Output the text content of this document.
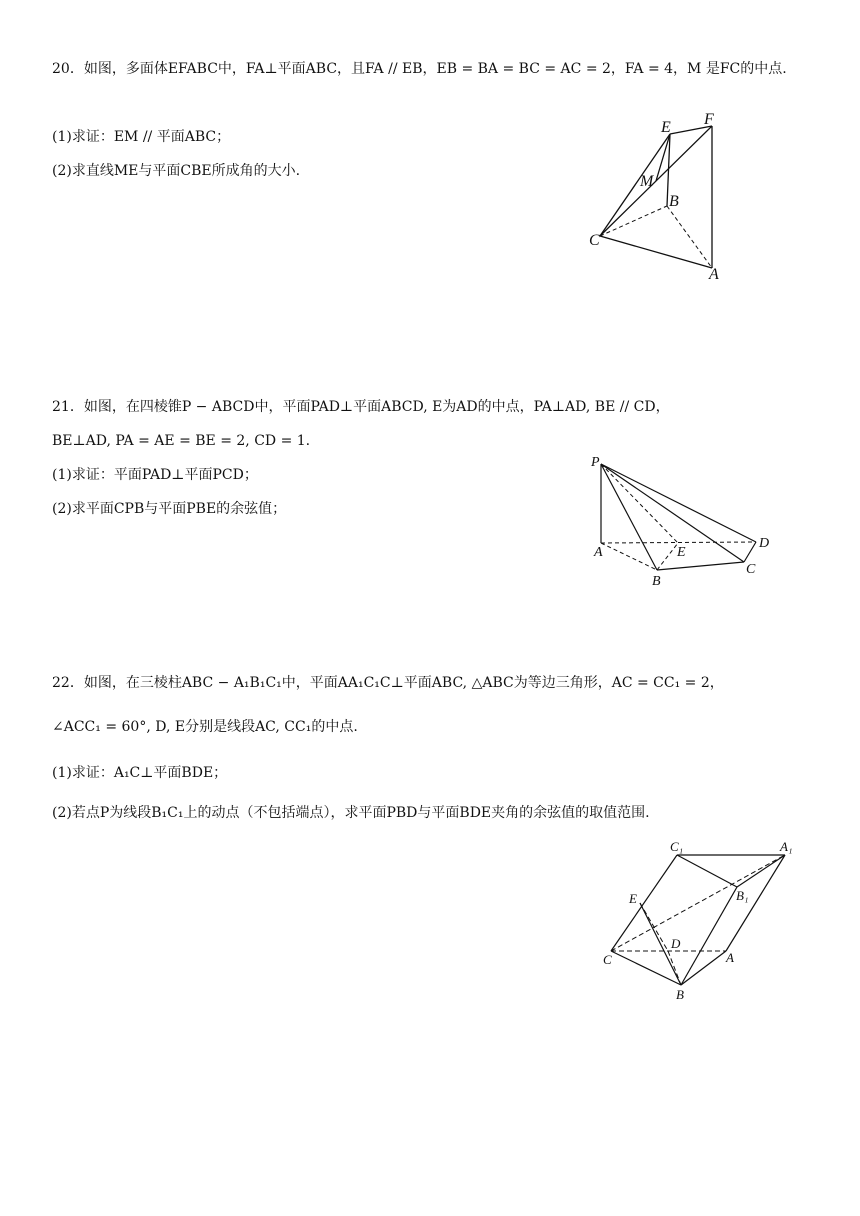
20．如图，多面体EFABC中，FA⊥平面ABC，且FA // EB，EB = BA = BC = AC = 2，FA = 4，M 是FC的中点.
(1)求证：EM // 平面ABC；
(2)求直线ME与平面CBE所成角的大小.
E F
M
B
C
A
21．如图，在四棱锥P − ABCD中，平面PAD⊥平面ABCD, E为AD的中点，PA⊥AD, BE // CD，
BE⊥AD, PA = AE = BE = 2, CD = 1.
(1)求证：平面PAD⊥平面PCD；
(2)求平面CPB与平面PBE的余弦值；
P
A	E
D
B
C
22．如图，在三棱柱ABC − A₁B₁C₁中，平面AA₁C₁C⊥平面ABC, △ABC为等边三角形，AC = CC₁ = 2，
∠ACC₁ = 60°, D, E分别是线段AC, CC₁的中点.
(1)求证：A₁C⊥平面BDE；
(2)若点P为线段B₁C₁上的动点（不包括端点），求平面PBD与平面BDE夹角的余弦值的取值范围.
C₁	A₁
B₁
E
D
C	A
B
